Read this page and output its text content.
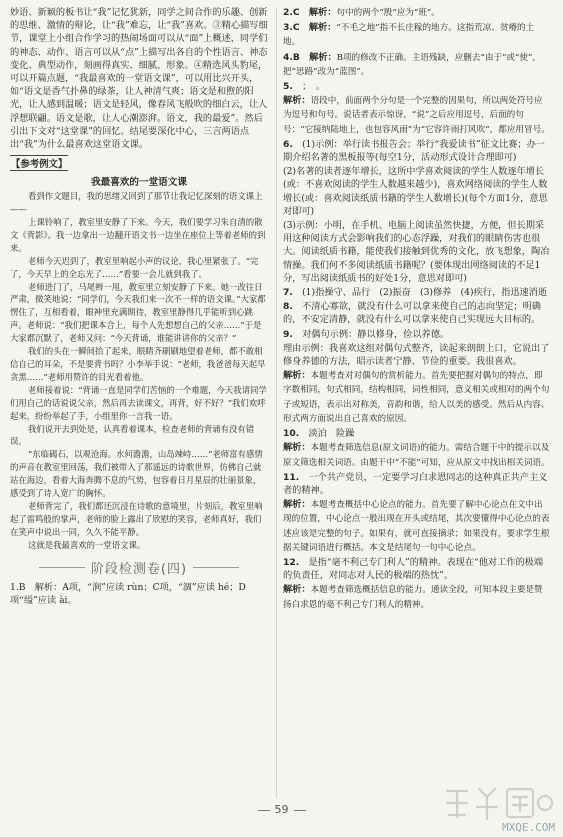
妙语、新颖的板书让“我”记忆犹新，同学之间合作的乐趣、创新的思维、激情的辩论，让“我”难忘，让“我”喜欢。③精心描写细节，课堂上小组合作学习的热闹场面可以从“面”上概述，同学们的神态、动作、语言可以从“点”上描写出各自的个性语言、神态变化、典型动作，刻画得真实、细腻、形象。④精选风头豹尾，可以开篇点题，“我最喜欢的一堂语文课”，可以用比兴开头，如“语文是香气扑鼻的绿茶，让人神清气爽；语文是和煦的阳光，让人感到温暖；语文是轻风，像春风飞般吹的细白云，让人浮想联翩。语文是歌，让人心潮澎湃。语文，我的最爱”。然后引出下文对“这堂课”的回忆。结尾要深化中心，三言两语点出“我”为什么最喜欢这堂语文课。

【参考例文】
我最喜欢的一堂语文课

看到作文题目，我的思绪又回到了那节让我记忆深刻的语文课上——

上课铃响了，教室里安静了下来。今天，我们要学习朱自清的散文《背影》。我一边拿出一边翻开语文书一边坐在座位上等着老师的到来。

老师今天迟到了，教室里响起小声的议论，我心里紧张了。“完了，今天早上的全忘光了……”看要一会儿就到我了。

老师进门了，马尾辫一甩，教室里立刻安静了下来。她一改往日严肃，微笑地说：“同学们，今天我们来一次不一样的语文课。”大家都愣住了，互相看着，眼神里充满期待，教室里静得几乎能听到心跳声。老师说：“我们把课本合上，每个人先想想自己的父亲……”于是大家都沉默了，老师又问：“今天背诵，谁能讲讲你的父亲？”

我们的头在一瞬间抬了起来，眼睛齐刷刷地望着老师，都不敢相信自己的耳朵，不是要背书吗？小李举手说：“老师，我爸爸每天起早贪黑……”老师用赞许的目光看着他。

老师接着说：“背诵一直是同学们苦恼的一个难题，今天我请同学们用自己的话说说父亲，然后再去读课文，再背，好不好？”我们欢呼起来，纷纷举起了手，小组里你一言我一语。

我们说开去到处是，认真看着课本，检查老师的背诵有没有错误。

“东临碣石，以观沧海。水何澹澹，山岛竦峙……”老师富有感情的声音在教室里回荡，我们被带入了那遥远的诗歌世界，仿佛自己就站在海边，看着大海奔腾不息的气势，包容着日月星辰的壮丽景象，感受到了诗人宽广的胸怀。

老师背完了，我们都还沉浸在诗歌的意境里，片刻后，教室里响起了雷鸣般的掌声，老师的脸上露出了欣慰的笑容，老师真好，我们在笑声中说出一同，久久不能平静。

这就是我最喜欢的一堂语文课。

阶段检测卷(四)

1.B　解析：A项，“涧”应读 rùn；C项，“涸”应读 hé；D项“缢”应读 ài。

2.C  解析：句中的两个“殷”应为“班”。

3.C  解析：“不毛之地”指不长庄稼的地方。这指荒凉、贫瘠的土地。

4.B  解析：B项的修改不正确。主语残缺，应删去“由于”或“使”，把“思路”改为“蓝图”。

5.  ；　。

解析：语段中，前面两个分句是一个完整的因果句，所以两处符号应为逗号和句号。说话者表示惊讶，“说”之后应用逗号，后面的句号：“它接纳陆地上，也包容风雨”为“它容许雨打风吹”，都应用冒号。

6.  (1)示例：举行读书报告会；举行“我爱读书”征文比赛；办一期介绍名著的黑板报等(每空1分，活动形式设计合理即可)

(2)名著的读者逐年增长，这所中学喜欢阅读的学生人数逐年增长(或：不喜欢阅读的学生人数越来越少)，喜欢网络阅读的学生人数增长(或：喜欢阅读纸质书籍的学生人数增长)(每个方面1分，意思对即可)

(3)示例：小明，在手机、电脑上阅读虽然快捷，方便，但长期采用这种阅读方式会影响我们的心态浮躁，对我们的眼睛伤害也很大。阅读纸质书籍，能使我们接触到优秀的文化，放飞想象，陶冶情操。我们何不多阅读纸质书籍呢？(要体现出网络阅读的不足1分，写出阅读纸质书的好处1分，意思对即可)

7.  (1)指操守、品行　(2)振奋　(3)修养　(4)疾行，指迅速消逝

8.  不清心寡欲，就没有什么可以拿来使自己的志向坚定；明确的，不安定清静，就没有什么可以拿来使自己实现远大目标的。

9.  对偶句示例：静以修身，俭以养德。

理由示例：我喜欢这组对偶句式整齐，读起来朗朗上口，它说出了修身养德的方法，昭示读者宁静、节俭的重要。我很喜欢。

解析：本题考查对对偶句的赏析能力。首先要把握对偶句的特点，即字数相同，句式相同，结构相同，词性相同，意义相关或相对的两个句子或短语，表示出对称美，音韵和谐，给人以美的感受。然后从内容、形式两方面说出自己喜欢的原因。

10.  淡泊　险躁

解析：本题考查筛选信息(原文词语)的能力。需结合题干中的提示以及原文筛选相关词语。由题干中“不能”可知，应从原文中找出相关词语。

11.  一个共产党员，一定要学习白求恩同志的这种真正共产主义者的精神。

解析：本题考查概括中心论点的能力。首先要了解中心论点在文中出现的位置，中心论点一般出现在开头或结尾，其次要懂得中心论点的表述应该是完整的句子。如果有，就可直接摘录；如果没有，要求学生根据关键词语进行概括。本文是结尾句一句中心论点。

12.  是指“毫不利己专门利人”的精神。表现在“他对工作的极端的负责任，对同志对人民的极端的热忱”。

解析：本题考查筛选概括信息的能力。通读全段，可知本段主要是赞扬白求恩的毫不利己专门利人的精神。

59
MXQE.COM
